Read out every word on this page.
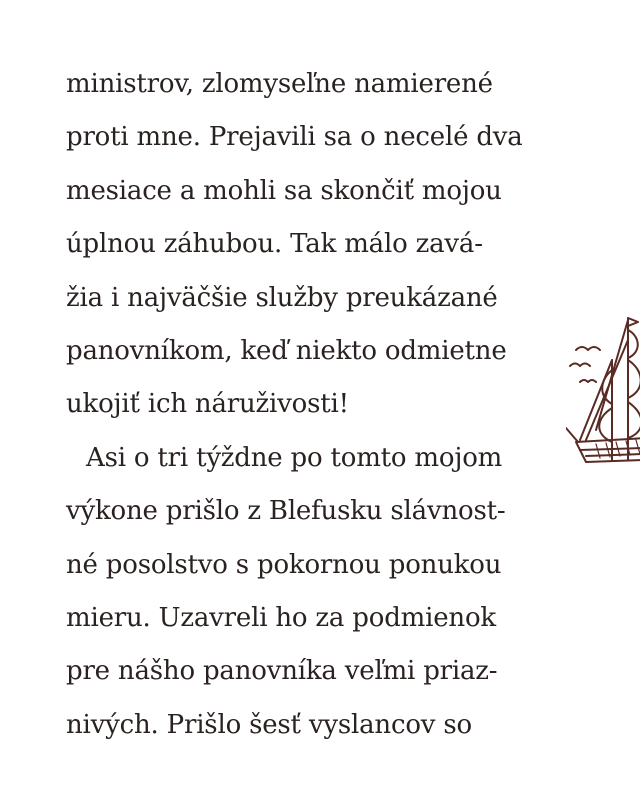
ministrov, zlomyseľne namierené
proti mne. Prejavili sa o necelé dva
mesiace a mohli sa skončiť mojou
úplnou záhubou. Tak málo zavá-
žia i najväčšie služby preukázané
panovníkom, keď niekto odmietne
ukojiť ich náruživosti!
Asi o tri týždne po tomto mojom
výkone prišlo z Blefusku slávnost-
né posolstvo s pokornou ponukou
mieru. Uzavreli ho za podmienok
pre nášho panovníka veľmi priaz-
nivých. Prišlo šesť vyslancov so
